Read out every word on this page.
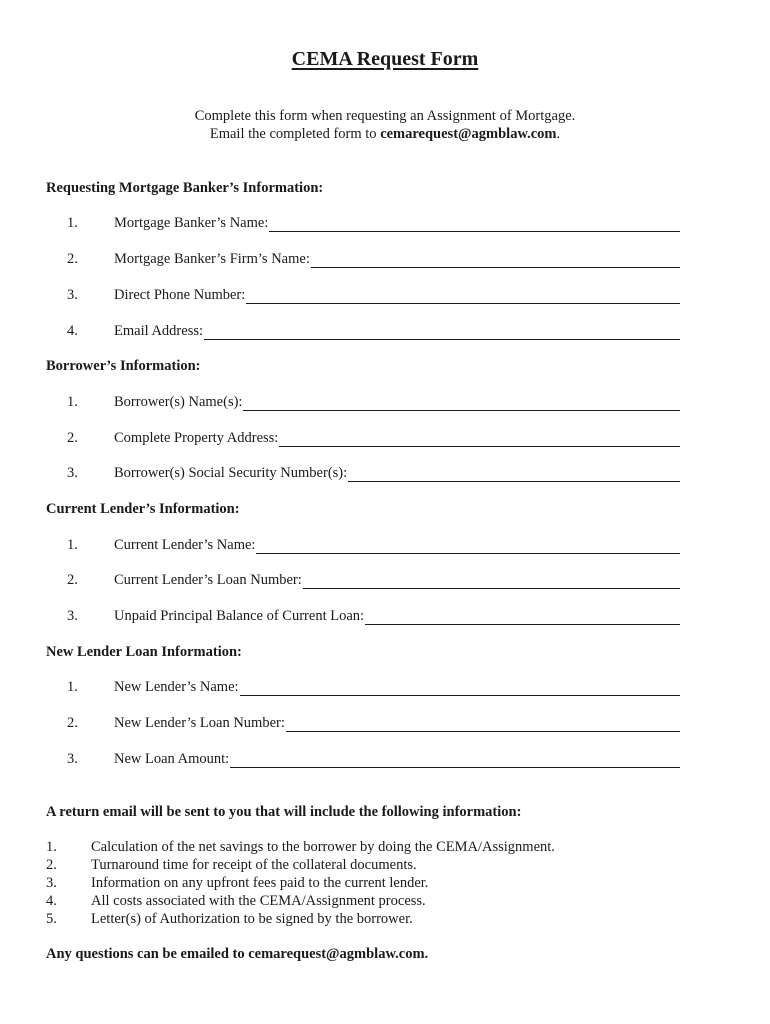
CEMA Request Form
Complete this form when requesting an Assignment of Mortgage.
Email the completed form to cemarequest@agmblaw.com.
Requesting Mortgage Banker’s Information:
1.	Mortgage Banker’s Name:
2.	Mortgage Banker’s Firm’s Name:
3.	Direct Phone Number:
4.	Email Address:
Borrower’s Information:
1.	Borrower(s) Name(s):
2.	Complete Property Address:
3.	Borrower(s) Social Security Number(s):
Current Lender’s Information:
1.	Current Lender’s Name:
2.	Current Lender’s Loan Number:
3.	Unpaid Principal Balance of Current Loan:
New Lender Loan Information:
1.	New Lender’s Name:
2.	New Lender’s Loan Number:
3.	New Loan Amount:
A return email will be sent to you that will include the following information:
1.	Calculation of the net savings to the borrower by doing the CEMA/Assignment.
2.	Turnaround time for receipt of the collateral documents.
3.	Information on any upfront fees paid to the current lender.
4.	All costs associated with the CEMA/Assignment process.
5.	Letter(s) of Authorization to be signed by the borrower.
Any questions can be emailed to cemarequest@agmblaw.com.
